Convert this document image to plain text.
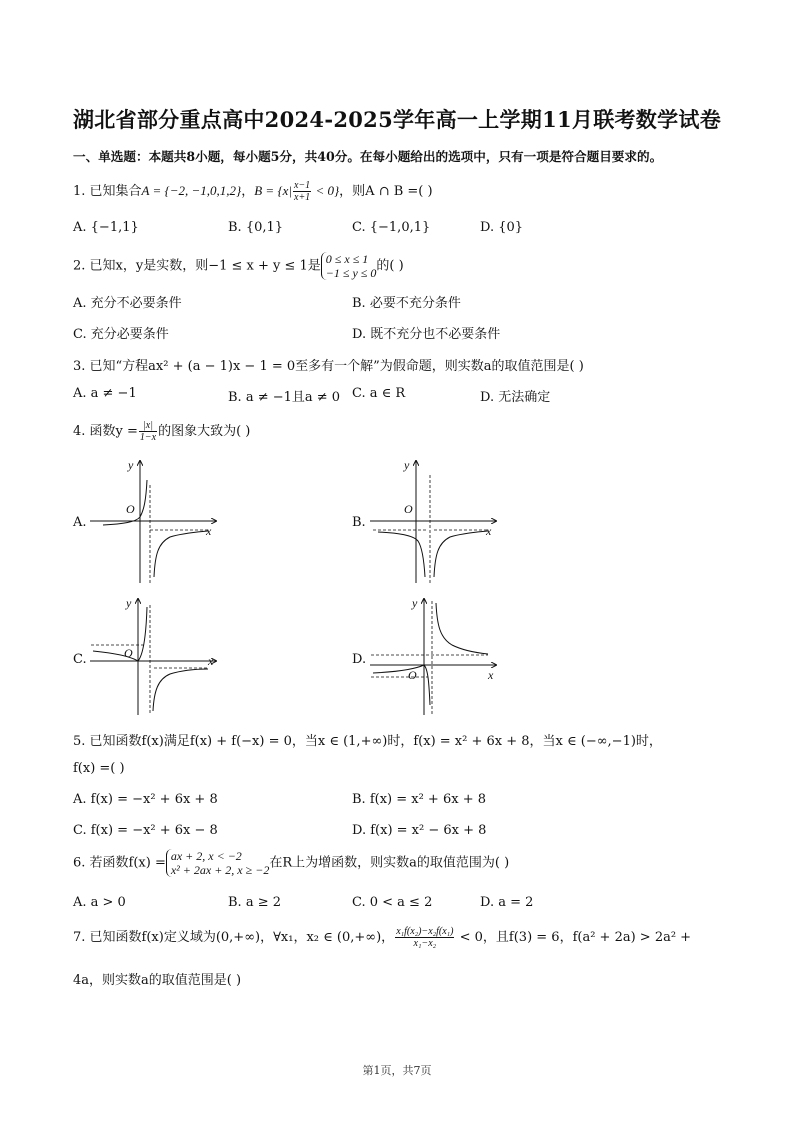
湖北省部分重点高中2024-2025学年高一上学期11月联考数学试卷
一、单选题：本题共8小题，每小题5分，共40分。在每小题给出的选项中，只有一项是符合题目要求的。
1. 已知集合A = {−2, −1,0,1,2}，$B = \{x| \frac{x-1}{x+1} < 0\}$，则A ∩ B =( )
A. {−1,1}	B. {0,1}	C. {−1,0,1}	D. {0}
2. 已知x，y是实数，则−1 ≤ x + y ≤ 1是 0 ≤ x ≤ 1
−1 ≤ y ≤ 0 的( )
A. 充分不必要条件	B. 必要不充分条件
C. 充分必要条件	D. 既不充分也不必要条件
3. 已知“方程ax² + (a − 1)x − 1 = 0至多有一个解”为假命题，则实数a的取值范围是( )
A. a ≠ −1	B. a ≠ −1且a ≠ 0 C. a ∈ R	D. 无法确定
4. 函数$y = \frac{|x|}{1-x}$ 的图象大致为( )
A.
y
x
O
B.
y
x
O
C.
y
x
O	D.
y
x
O
5. 已知函数f(x)满足f(x) + f(−x) = 0，当x ∈ (1,+∞)时，f(x) = x² + 6x + 8，当x ∈ (−∞,−1)时，
f(x) =( )
A. f(x) = −x² + 6x + 8	B. f(x) = x² + 6x + 8
C. f(x) = −x² + 6x − 8	D. f(x) = x² − 6x + 8
6. 若函数f(x) = ax + 2, x < −2
x² + 2ax + 2, x ≥ −2 在R上为增函数，则实数a的取值范围为( )
A. a > 0	B. a ≥ 2	C. 0 < a ≤ 2	D. a = 2
7. 已知函数f(x)定义域为(0,+∞)，∀x₁，x₂ ∈ (0,+∞)， $\frac{\text{x₁f(x₂)−x₂f(x₁)}}{\text{x₁−x₂}} < 0$，且f(3) = 6，f(a² + 2a) > 2a² +
4a，则实数a的取值范围是( )
第1页，共7页
